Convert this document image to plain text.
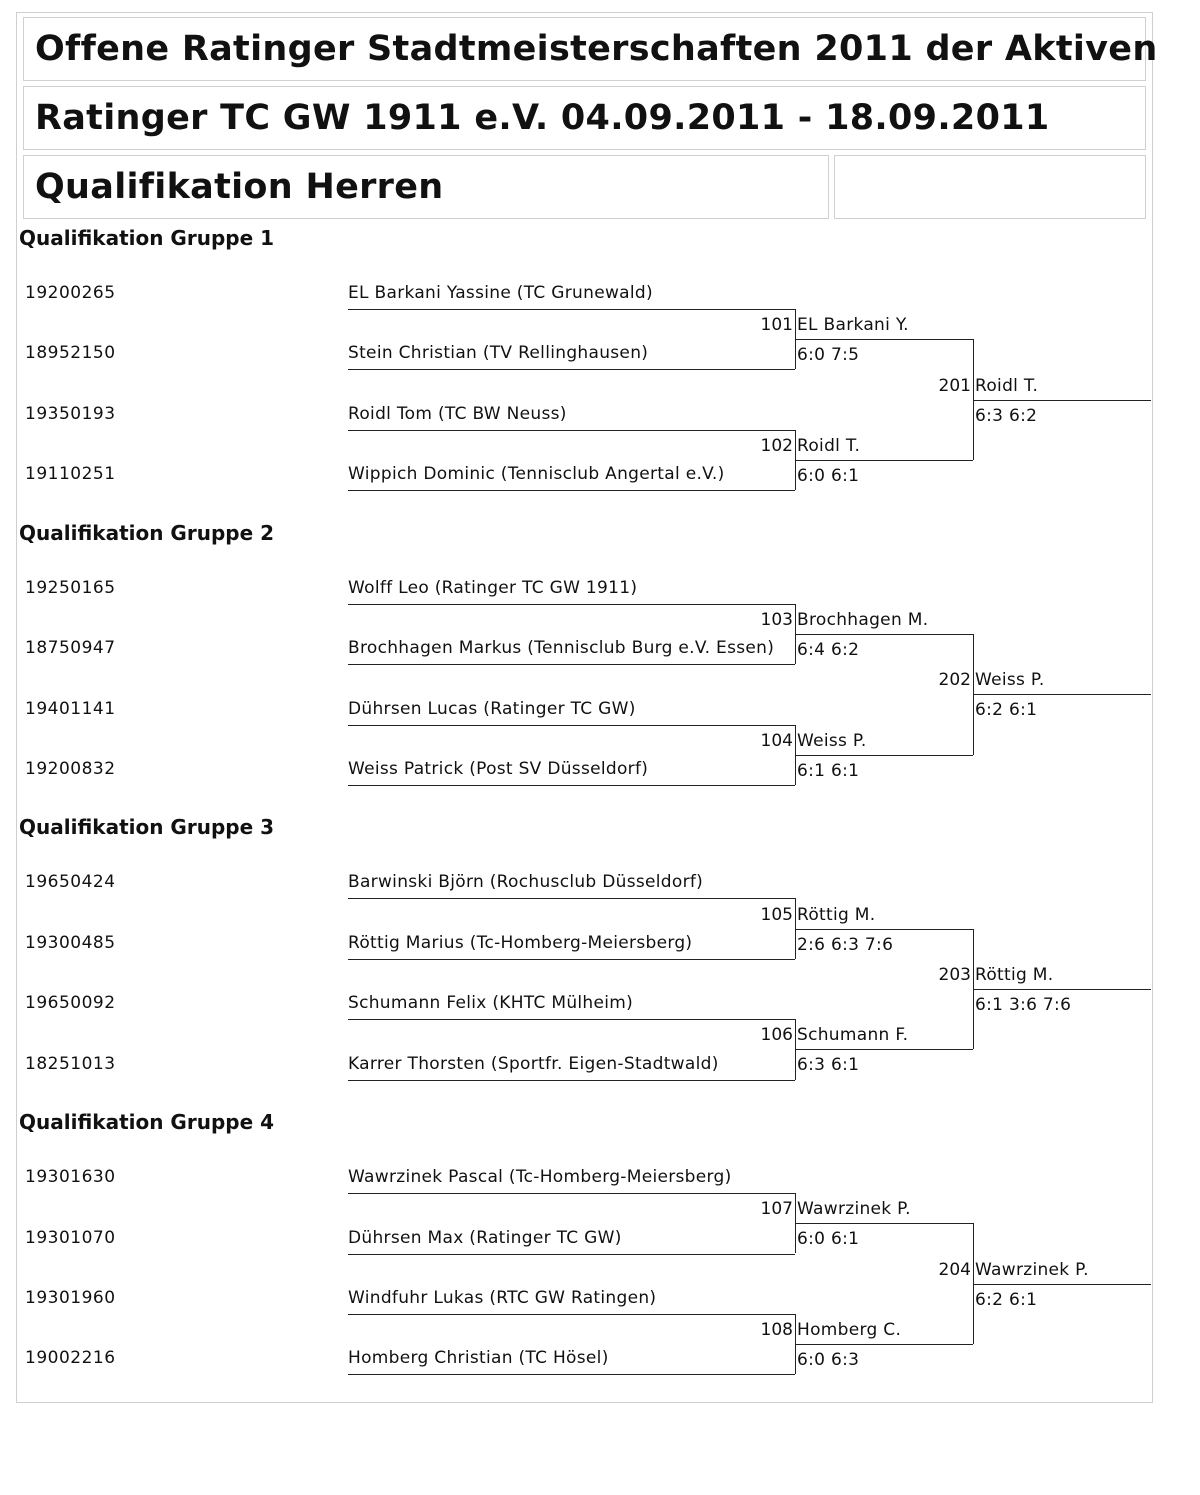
Offene Ratinger Stadtmeisterschaften 2011 der Aktiven
Ratinger TC GW 1911 e.V. 04.09.2011 - 18.09.2011
Qualifikation Herren
Qualifikation Gruppe 1
19200265	EL Barkani Yassine (TC Grunewald)
18952150	Stein Christian (TV Rellinghausen)
19350193	Roidl Tom (TC BW Neuss)
19110251	Wippich Dominic (Tennisclub Angertal e.V.)
101 EL Barkani Y.
6:0 7:5
102 Roidl T.
6:0 6:1
201 Roidl T.
6:3 6:2
Qualifikation Gruppe 2
19250165	Wolff Leo (Ratinger TC GW 1911)
18750947	Brochhagen Markus (Tennisclub Burg e.V. Essen)
19401141	Dührsen Lucas (Ratinger TC GW)
19200832	Weiss Patrick (Post SV Düsseldorf)
103 Brochhagen M.
6:4 6:2
104 Weiss P.
6:1 6:1
202 Weiss P.
6:2 6:1
Qualifikation Gruppe 3
19650424	Barwinski Björn (Rochusclub Düsseldorf)
19300485	Röttig Marius (Tc-Homberg-Meiersberg)
19650092	Schumann Felix (KHTC Mülheim)
18251013	Karrer Thorsten (Sportfr. Eigen-Stadtwald)
105 Röttig M.
2:6 6:3 7:6
106 Schumann F.
6:3 6:1
203 Röttig M.
6:1 3:6 7:6
Qualifikation Gruppe 4
19301630	Wawrzinek Pascal (Tc-Homberg-Meiersberg)
19301070	Dührsen Max (Ratinger TC GW)
19301960	Windfuhr Lukas (RTC GW Ratingen)
19002216	Homberg Christian (TC Hösel)
107 Wawrzinek P.
6:0 6:1
108 Homberg C.
6:0 6:3
204 Wawrzinek P.
6:2 6:1
